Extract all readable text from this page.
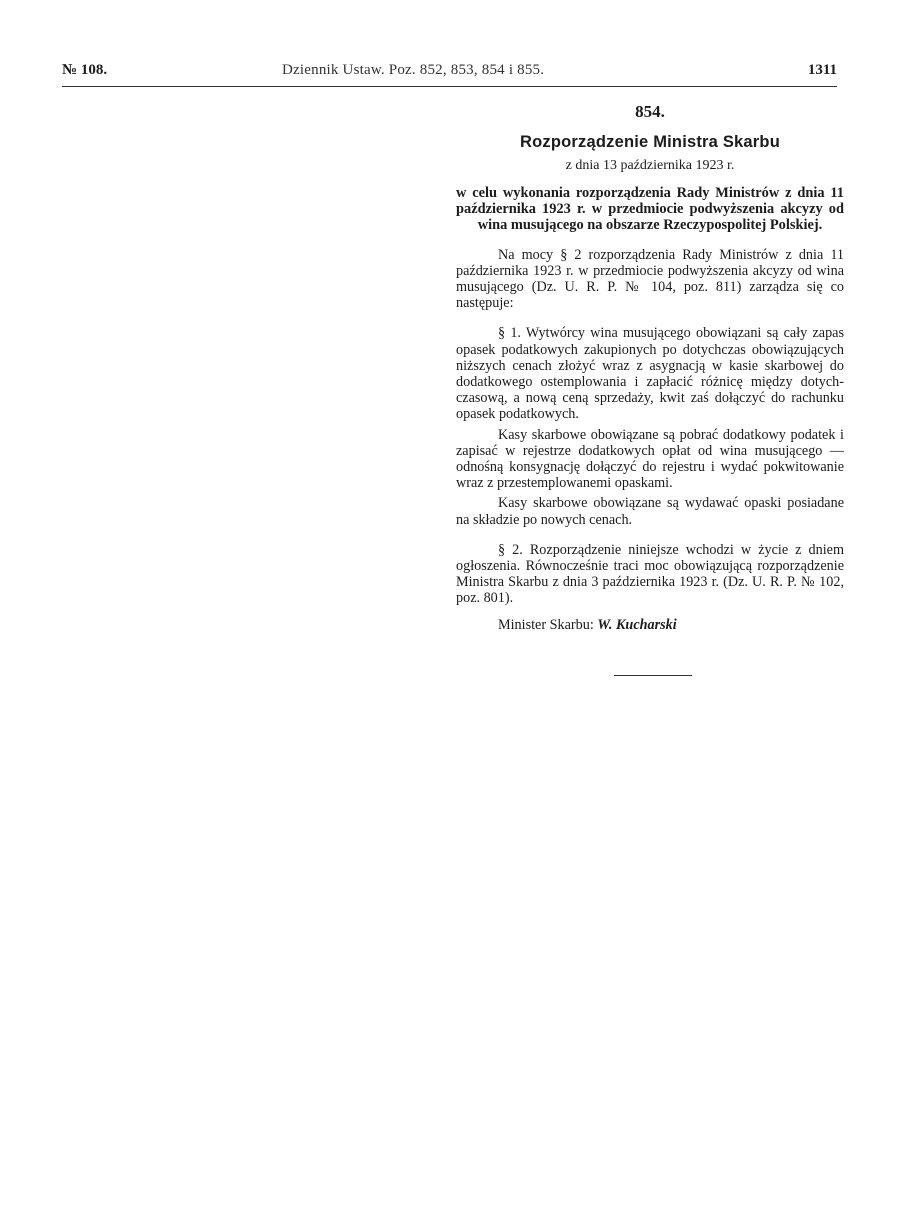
№ 108.	Dziennik Ustaw. Poz. 852, 853, 854 i 855.	1311
854.
Rozporządzenie Ministra Skarbu
z dnia 13 października 1923 r.

w celu wykonania rozporządzenia Rady Ministrów z dnia 11 października 1923 r. w przedmiocie podwyższenia akcyzy od wina musującego na obszarze Rzeczypospolitej Polskiej.

Na mocy § 2 rozporządzenia Rady Ministrów z dnia 11 października 1923 r. w przedmiocie podwyższenia akcyzy od wina musującego (Dz. U. R. P. № 104, poz. 811) zarządza się co następuje:

§ 1. Wytwórcy wina musującego obowiązani są cały zapas opasek podatkowych zakupionych po dotychczas obowiązujących niższych cenach złożyć wraz z asygnacją w kasie skarbowej do dodatkowego ostemplowania i zapłacić różnicę między dotychczasową, a nową ceną sprzedaży, kwit zaś dołączyć do rachunku opasek podatkowych.

Kasy skarbowe obowiązane są pobrać dodatkowy podatek i zapisać w rejestrze dodatkowych opłat od wina musującego — odnośną konsygnację dołączyć do rejestru i wydać pokwitowanie wraz z przestemplowanemi opaskami.

Kasy skarbowe obowiązane są wydawać opaski posiadane na składzie po nowych cenach.

§ 2. Rozporządzenie niniejsze wchodzi w życie z dniem ogłoszenia. Równocześnie traci moc obowiązującą rozporządzenie Ministra Skarbu z dnia 3 października 1923 r. (Dz. U. R. P. № 102, poz. 801).

Minister Skarbu: W. Kucharski
